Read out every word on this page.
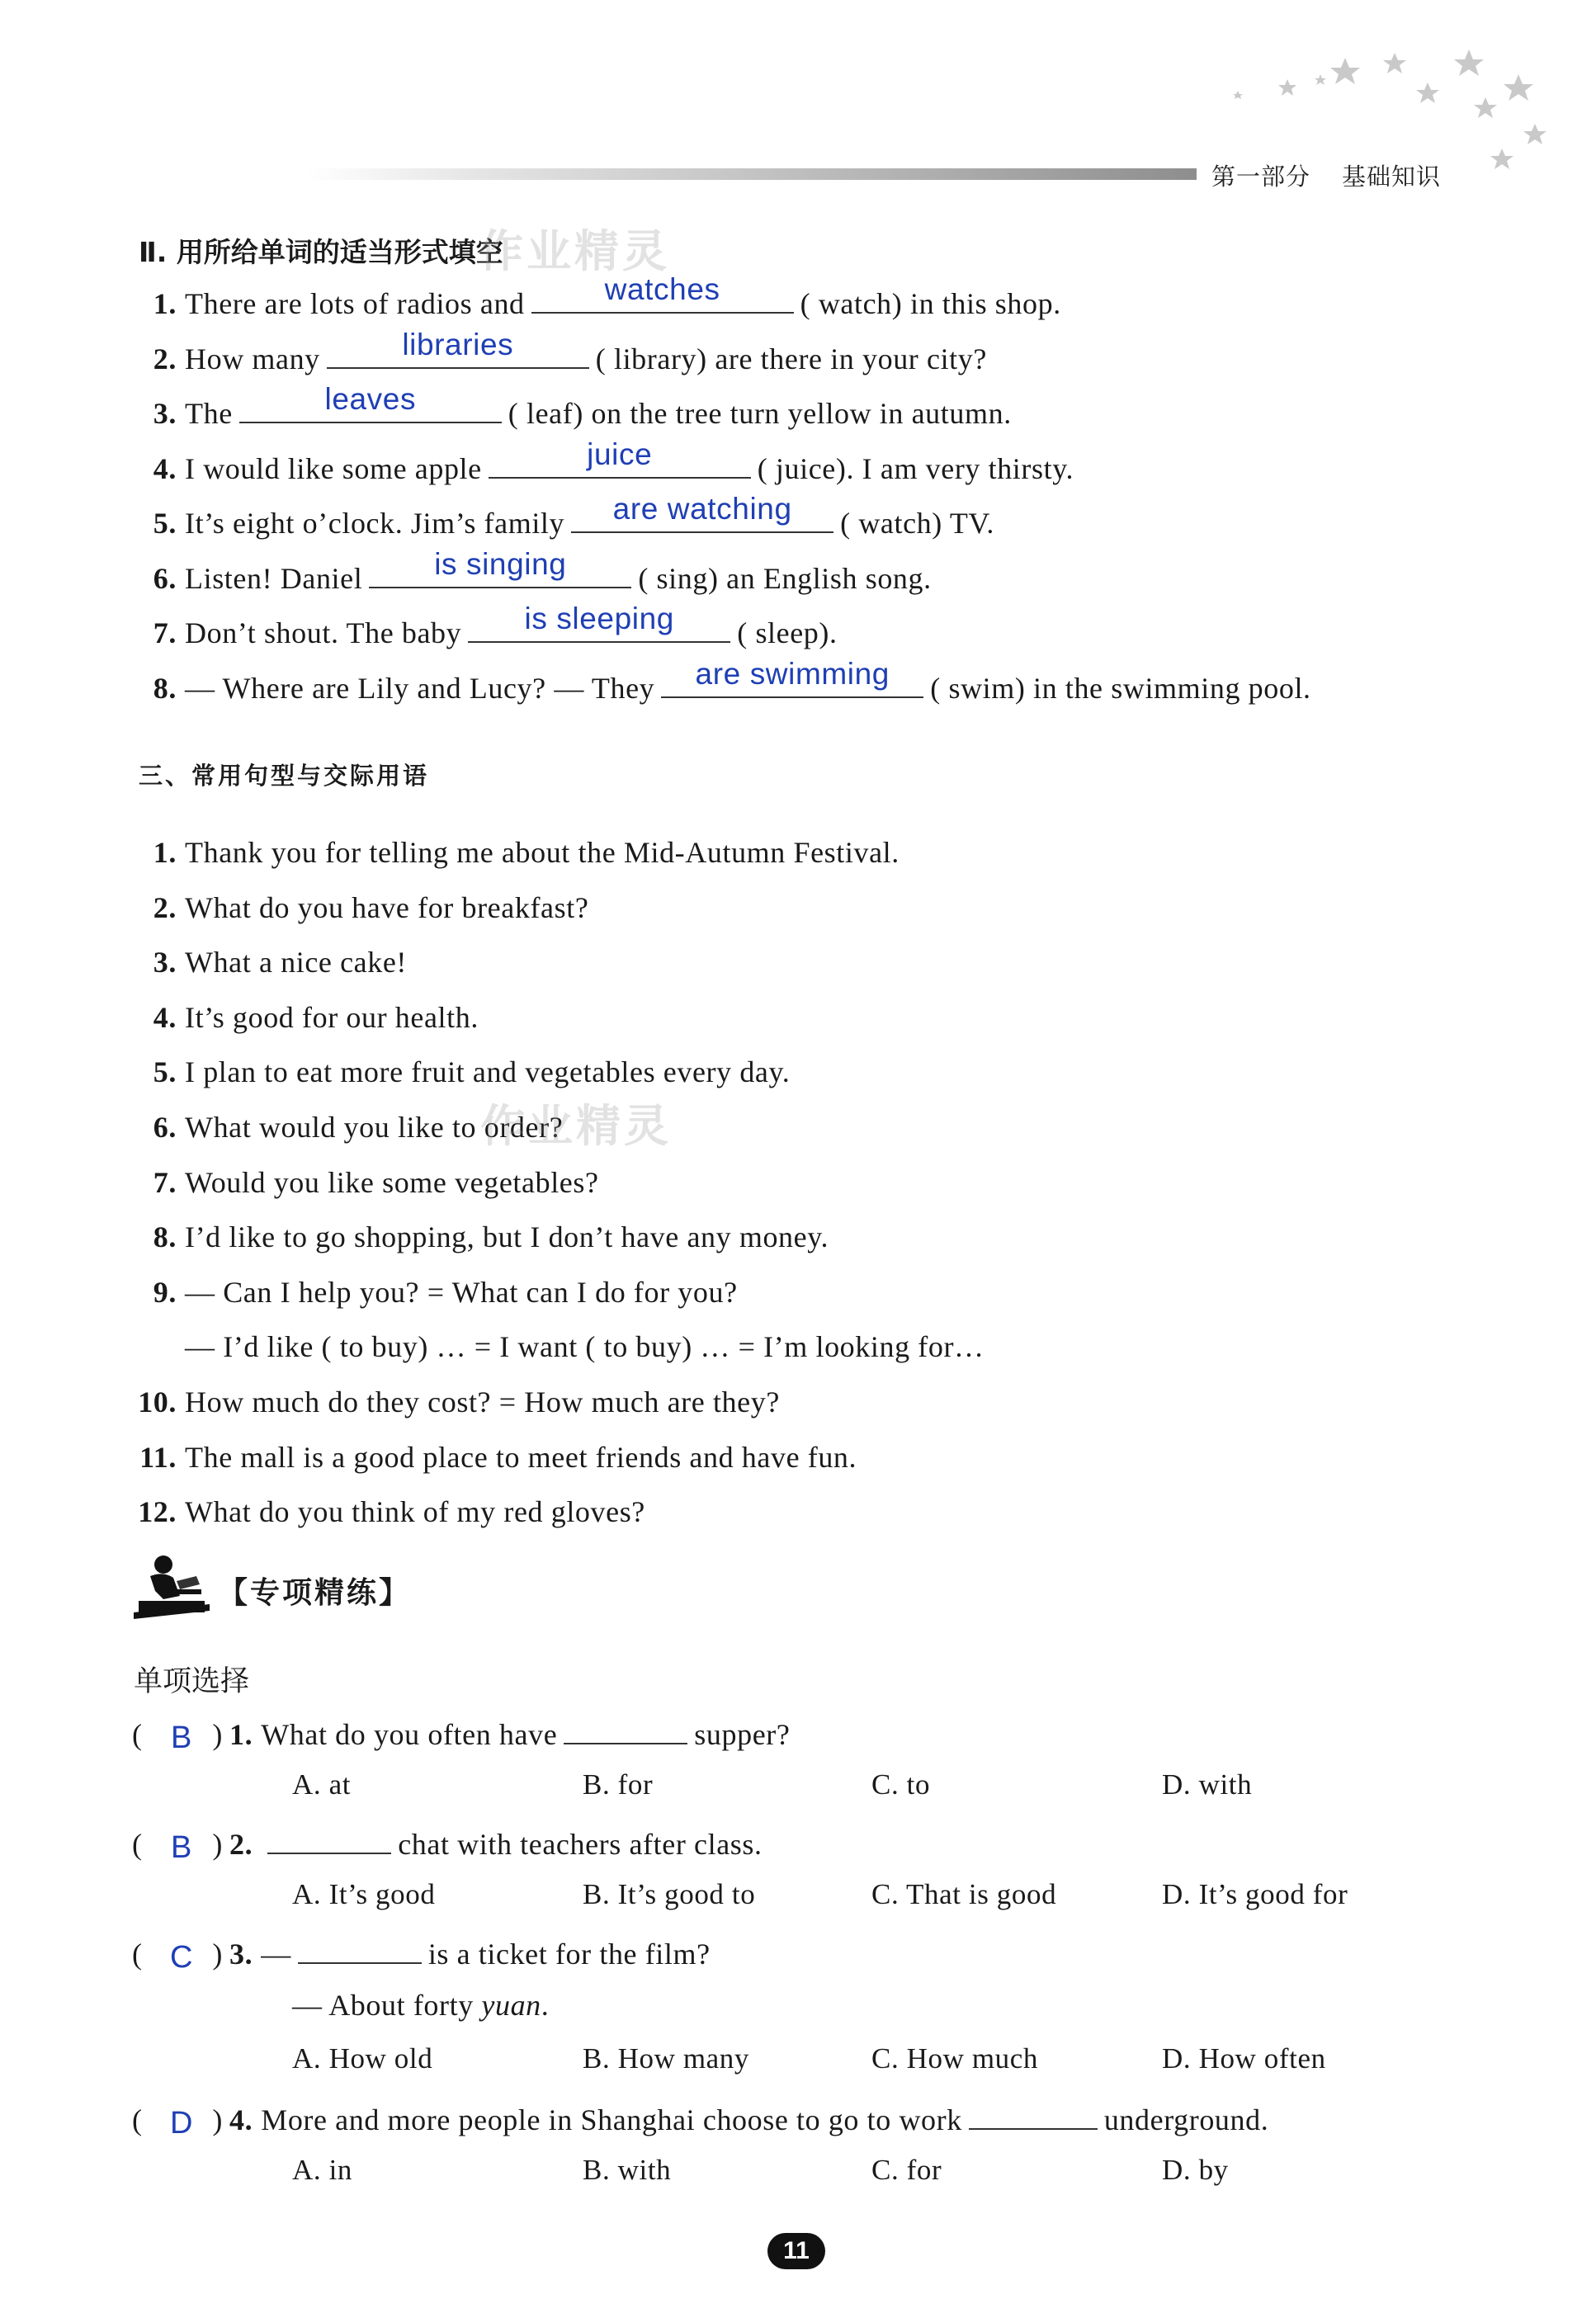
第一部分 基础知识
Ⅱ. 用所给单词的适当形式填空
1. There are lots of radios and	watches	( watch) in this shop.
2. How many	libraries	( library) are there in your city?
3. The	leaves	( leaf) on the tree turn yellow in autumn.
4. I would like some apple	juice	( juice). I am very thirsty.
5. It’s eight o’clock. Jim’s family	are watching	( watch) TV.
6. Listen! Daniel	is singing	( sing) an English song.
7. Don’t shout. The baby	is sleeping	( sleep).
8. — Where are Lily and Lucy? — They	are swimming	( swim) in the swimming pool.
三、常用句型与交际用语
1. Thank you for telling me about the Mid-Autumn Festival.
2. What do you have for breakfast?
3. What a nice cake!
4. It’s good for our health.
5. I plan to eat more fruit and vegetables every day.
6. What would you like to order?
7. Would you like some vegetables?
8. I’d like to go shopping, but I don’t have any money.
9. — Can I help you? = What can I do for you?
— I’d like ( to buy) … = I want ( to buy) … = I’m looking for…
10. How much do they cost? = How much are they?
11. The mall is a good place to meet friends and have fun.
12. What do you think of my red gloves?
【专项精练】
单项选择
( B ) 1. What do you often have	supper?
A. at	B. for	C. to	D. with
( B ) 2.	chat with teachers after class.
A. It’s good	B. It’s good to	C. That is good	D. It’s good for
( C ) 3. —	is a ticket for the film?
— About forty yuan.
A. How old	B. How many	C. How much	D. How often
( D ) 4. More and more people in Shanghai choose to go to work	underground.
A. in	B. with	C. for	D. by
作业精灵
作业精灵
11
